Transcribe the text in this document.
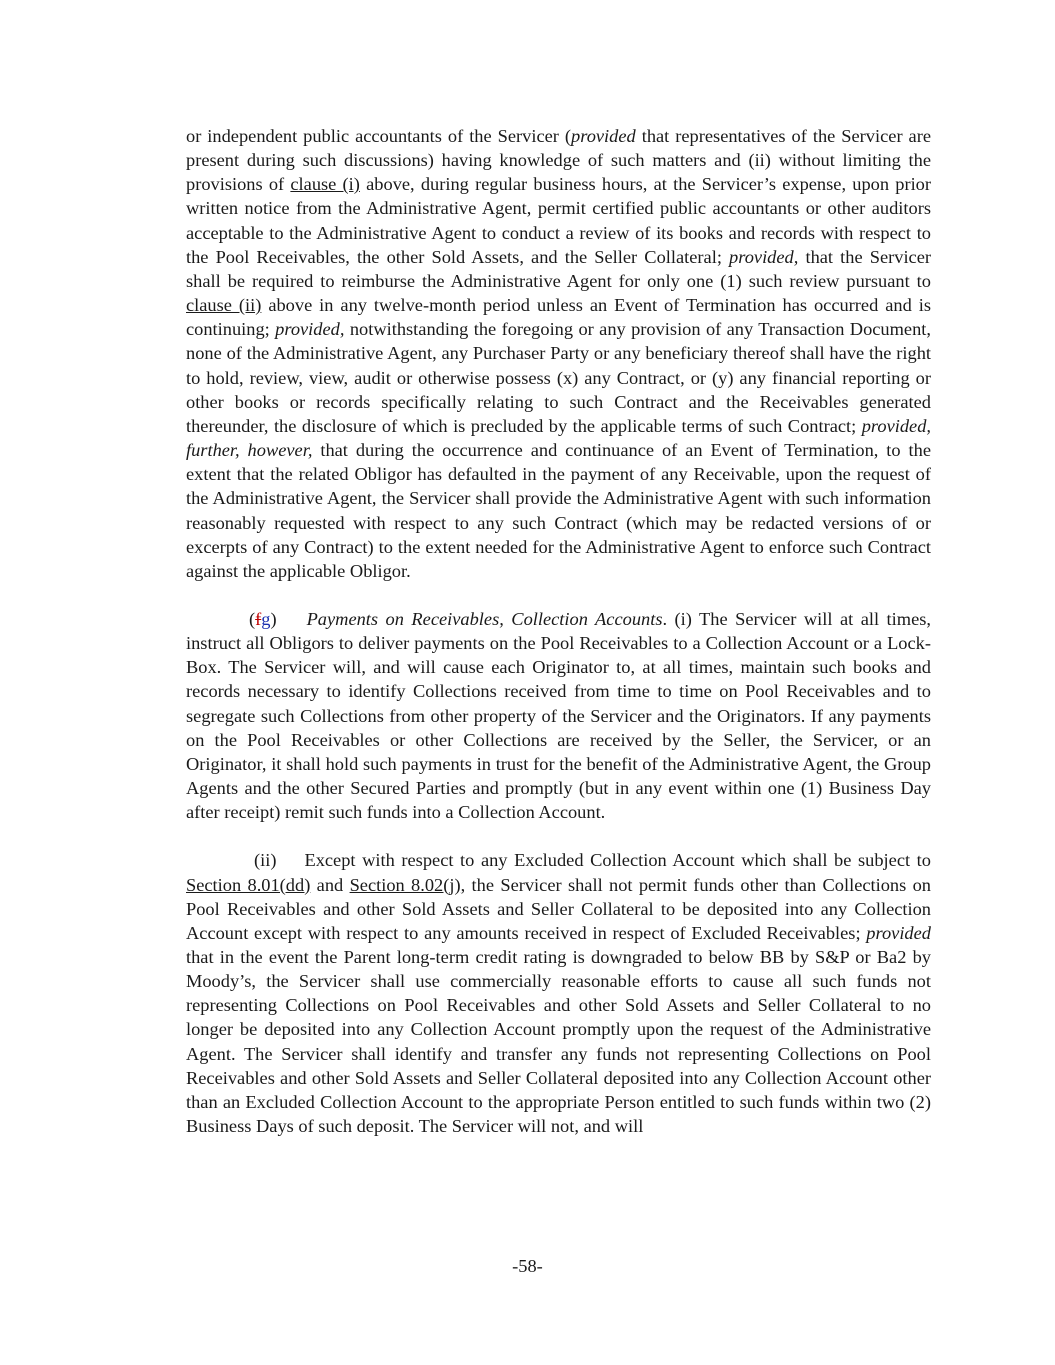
or independent public accountants of the Servicer (provided that representatives of the Servicer are present during such discussions) having knowledge of such matters and (ii) without limiting the provisions of clause (i) above, during regular business hours, at the Servicer’s expense, upon prior written notice from the Administrative Agent, permit certified public accountants or other auditors acceptable to the Administrative Agent to conduct a review of its books and records with respect to the Pool Receivables, the other Sold Assets, and the Seller Collateral; provided, that the Servicer shall be required to reimburse the Administrative Agent for only one (1) such review pursuant to clause (ii) above in any twelve-month period unless an Event of Termination has occurred and is continuing; provided, notwithstanding the foregoing or any provision of any Transaction Document, none of the Administrative Agent, any Purchaser Party or any beneficiary thereof shall have the right to hold, review, view, audit or otherwise possess (x) any Contract, or (y) any financial reporting or other books or records specifically relating to such Contract and the Receivables generated thereunder, the disclosure of which is precluded by the applicable terms of such Contract; provided, further, however, that during the occurrence and continuance of an Event of Termination, to the extent that the related Obligor has defaulted in the payment of any Receivable, upon the request of the Administrative Agent, the Servicer shall provide the Administrative Agent with such information reasonably requested with respect to any such Contract (which may be redacted versions of or excerpts of any Contract) to the extent needed for the Administrative Agent to enforce such Contract against the applicable Obligor.

(fg) Payments on Receivables, Collection Accounts. (i) The Servicer will at all times, instruct all Obligors to deliver payments on the Pool Receivables to a Collection Account or a Lock-Box. The Servicer will, and will cause each Originator to, at all times, maintain such books and records necessary to identify Collections received from time to time on Pool Receivables and to segregate such Collections from other property of the Servicer and the Originators. If any payments on the Pool Receivables or other Collections are received by the Seller, the Servicer, or an Originator, it shall hold such payments in trust for the benefit of the Administrative Agent, the Group Agents and the other Secured Parties and promptly (but in any event within one (1) Business Day after receipt) remit such funds into a Collection Account.

(ii) Except with respect to any Excluded Collection Account which shall be subject to Section 8.01(dd) and Section 8.02(j), the Servicer shall not permit funds other than Collections on Pool Receivables and other Sold Assets and Seller Collateral to be deposited into any Collection Account except with respect to any amounts received in respect of Excluded Receivables; provided that in the event the Parent long-term credit rating is downgraded to below BB by S&P or Ba2 by Moody’s, the Servicer shall use commercially reasonable efforts to cause all such funds not representing Collections on Pool Receivables and other Sold Assets and Seller Collateral to no longer be deposited into any Collection Account promptly upon the request of the Administrative Agent. The Servicer shall identify and transfer any funds not representing Collections on Pool Receivables and other Sold Assets and Seller Collateral deposited into any Collection Account other than an Excluded Collection Account to the appropriate Person entitled to such funds within two (2) Business Days of such deposit. The Servicer will not, and will

-58-
